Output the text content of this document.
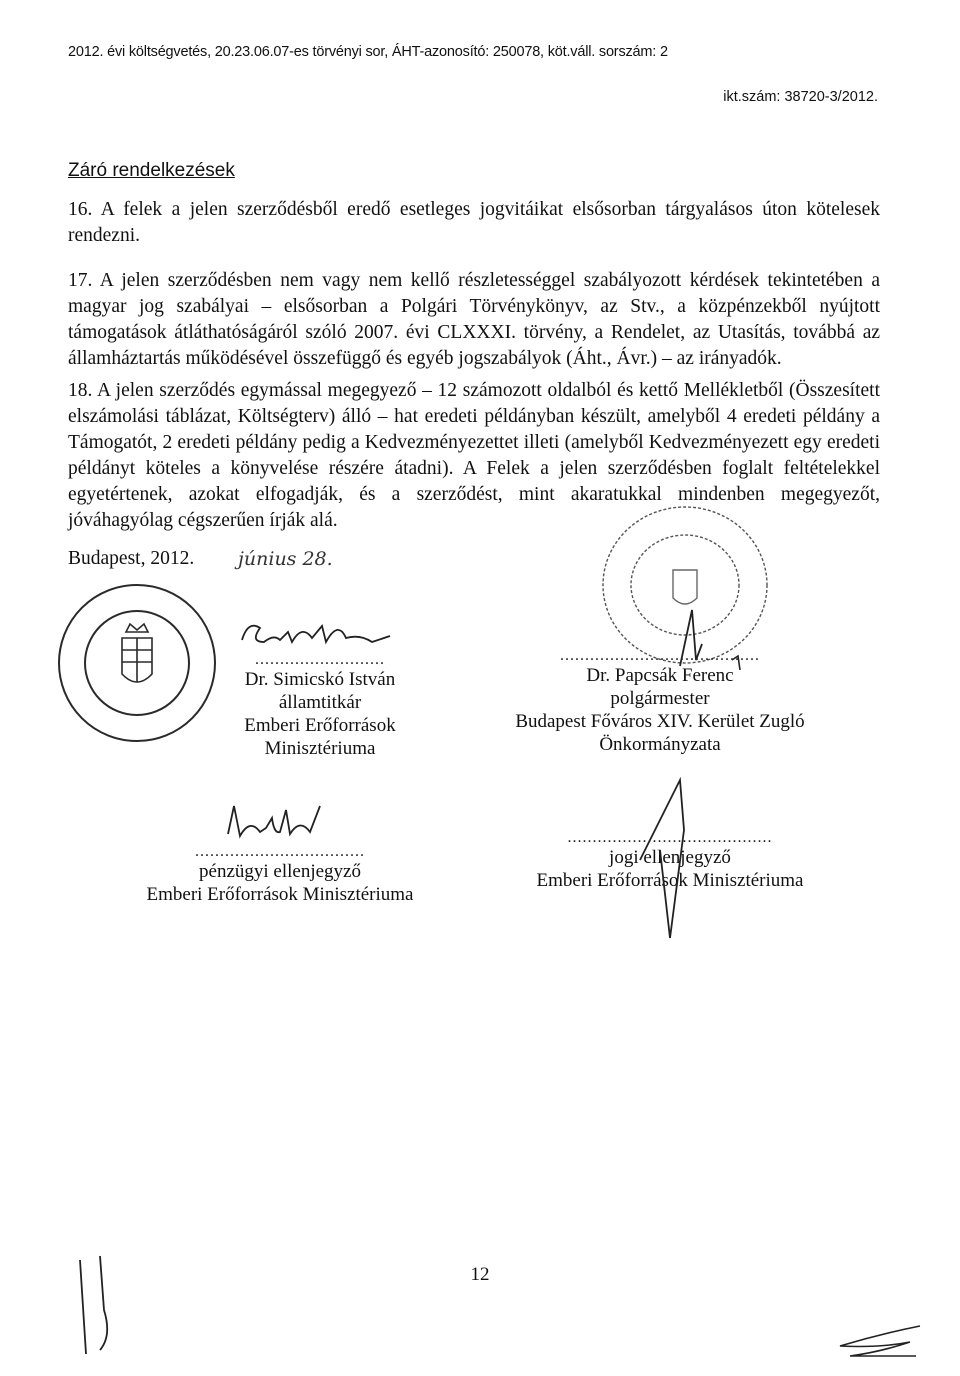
2012. évi költségvetés, 20.23.06.07-es törvényi sor, ÁHT-azonosító: 250078, köt.váll. sorszám: 2
ikt.szám: 38720-3/2012.
Záró rendelkezések
16. A felek a jelen szerződésből eredő esetleges jogvitáikat elsősorban tárgyalásos úton kötelesek rendezni.
17. A jelen szerződésben nem vagy nem kellő részletességgel szabályozott kérdések tekintetében a magyar jog szabályai – elsősorban a Polgári Törvénykönyv, az Stv., a közpénzekből nyújtott támogatások átláthatóságáról szóló 2007. évi CLXXXI. törvény, a Rendelet, az Utasítás, továbbá az államháztartás működésével összefüggő és egyéb jogszabályok (Áht., Ávr.) – az irányadók.
18. A jelen szerződés egymással megegyező – 12 számozott oldalból és kettő Mellékletből (Összesített elszámolási táblázat, Költségterv) álló – hat eredeti példányban készült, amelyből 4 eredeti példány a Támogatót, 2 eredeti példány pedig a Kedvezményezettet illeti (amelyből Kedvezményezett egy eredeti példányt köteles a könyvelése részére átadni). A Felek a jelen szerződésben foglalt feltételekkel egyetértenek, azokat elfogadják, és a szerződést, mint akaratukkal mindenben megegyezőt, jóváhagyólag cégszerűen írják alá.
Budapest, 2012. június 28.
..........................
Dr. Simicskó István
államtitkár
Emberi Erőforrások Minisztériuma
........................................
Dr. Papcsák Ferenc
polgármester
Budapest Főváros XIV. Kerület Zugló
Önkormányzata
..................................
pénzügyi ellenjegyző
Emberi Erőforrások Minisztériuma
.........................................
jogi ellenjegyző
Emberi Erőforrások Minisztériuma
12
